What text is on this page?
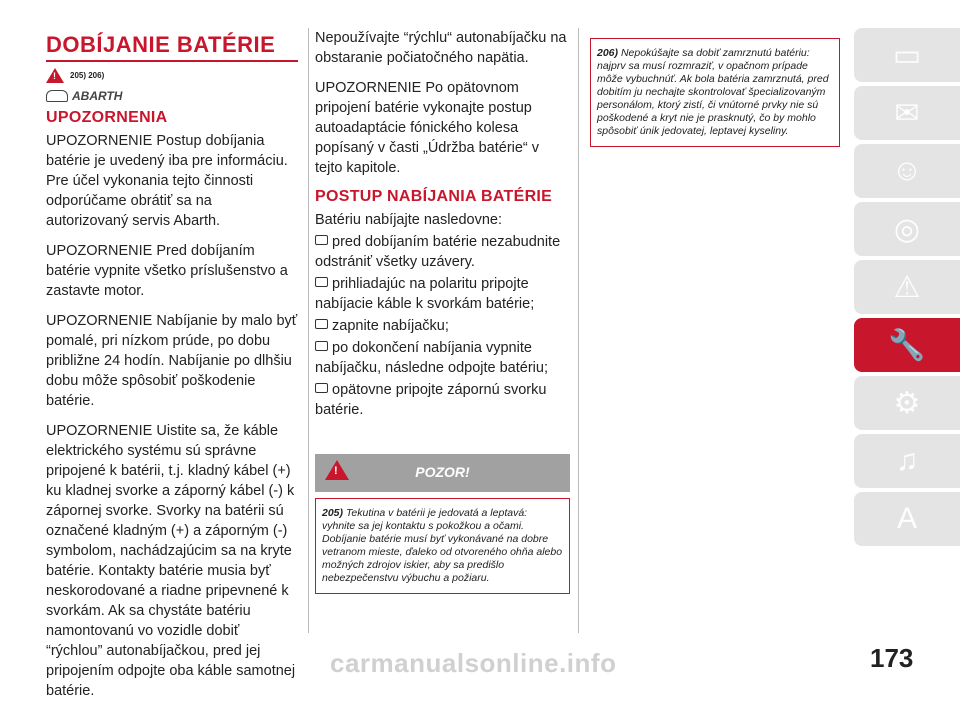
DOBÍJANIE BATÉRIE
! 205) 206)
ABARTH
UPOZORNENIA

UPOZORNENIE Postup dobíjania batérie je uvedený iba pre informáciu. Pre účel vykonania tejto činnosti odporúčame obrátiť sa na autorizovaný servis Abarth.

UPOZORNENIE Pred dobíjaním batérie vypnite všetko príslušenstvo a zastavte motor.

UPOZORNENIE Nabíjanie by malo byť pomalé, pri nízkom prúde, po dobu približne 24 hodín. Nabíjanie po dlhšiu dobu môže spôsobiť poškodenie batérie.

UPOZORNENIE Uistite sa, že káble elektrického systému sú správne pripojené k batérii, t.j. kladný kábel (+) ku kladnej svorke a záporný kábel (-) k zápornej svorke. Svorky na batérii sú označené kladným (+) a záporným (-) symbolom, nachádzajúcim sa na kryte batérie. Kontakty batérie musia byť neskorodované a riadne pripevnené k svorkám. Ak sa chystáte batériu namontovanú vo vozidle dobiť “rýchlou” autonabíjačkou, pred jej pripojením odpojte oba káble samotnej batérie.

Nepoužívajte “rýchlu“ autonabíjačku na obstaranie počiatočného napätia.

UPOZORNENIE Po opätovnom pripojení batérie vykonajte postup autoadaptácie fónického kolesa popísaný v časti „Údržba batérie“ v tejto kapitole.

POSTUP NABÍJANIA BATÉRIE
Batériu nabíjajte nasledovne:
pred dobíjaním batérie nezabudnite odstrániť všetky uzávery.
prihliadajúc na polaritu pripojte nabíjacie káble k svorkám batérie;
zapnite nabíjačku;
po dokončení nabíjania vypnite nabíjačku, následne odpojte batériu;
opätovne pripojte zápornú svorku batérie.
!	POZOR!

205) Tekutina v batérii je jedovatá a leptavá: vyhnite sa jej kontaktu s pokožkou a očami. Dobíjanie batérie musí byť vykonávané na dobre vetranom mieste, ďaleko od otvoreného ohňa alebo možných zdrojov iskier, aby sa predišlo nebezpečenstvu výbuchu a požiaru.

206) Nepokúšajte sa dobiť zamrznutú batériu: najprv sa musí rozmraziť, v opačnom prípade môže vybuchnúť. Ak bola batéria zamrznutá, pred dobitím ju nechajte skontrolovať špecializovaným personálom, ktorý zistí, či vnútorné prvky nie sú poškodené a kryt nie je prasknutý, čo by mohlo spôsobiť únik jedovatej, leptavej kyseliny.

▭
✉
☺
◎
⚠
🔧
⚙
♫
A
173
carmanualsonline.info
